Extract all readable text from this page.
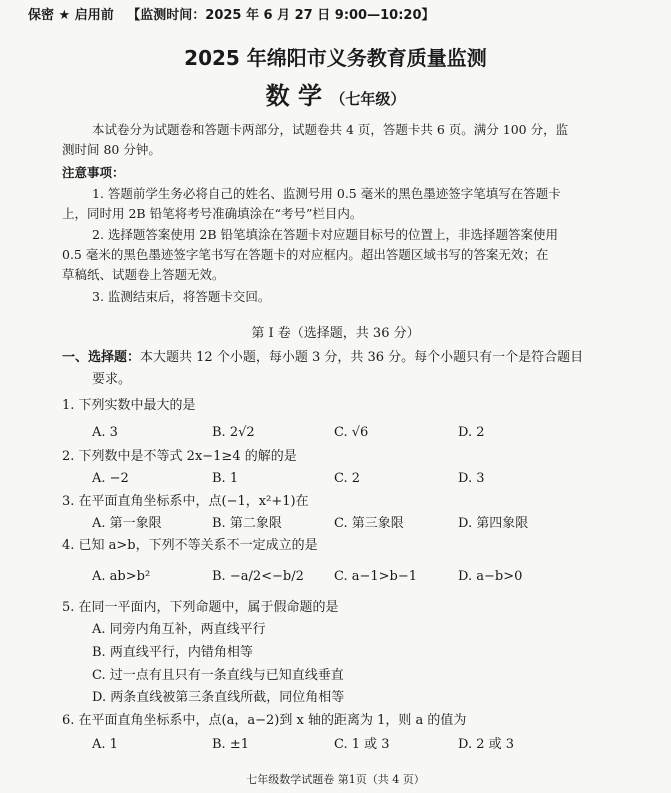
保密 ★ 启用前 【监测时间：2025 年 6 月 27 日 9:00—10:20】
2025 年绵阳市义务教育质量监测
数 学 （七年级）
本试卷分为试题卷和答题卡两部分，试题卷共 4 页，答题卡共 6 页。满分 100 分，监
测时间 80 分钟。
注意事项：
1. 答题前学生务必将自己的姓名、监测号用 0.5 毫米的黑色墨迹签字笔填写在答题卡
上，同时用 2B 铅笔将考号准确填涂在“考号”栏目内。
2. 选择题答案使用 2B 铅笔填涂在答题卡对应题目标号的位置上，非选择题答案使用
0.5 毫米的黑色墨迹签字笔书写在答题卡的对应框内。超出答题区域书写的答案无效；在
草稿纸、试题卷上答题无效。
3. 监测结束后，将答题卡交回。
第 I 卷（选择题，共 36 分）
一、选择题：本大题共 12 个小题，每小题 3 分，共 36 分。每个小题只有一个是符合题目
要求。
1. 下列实数中最大的是
A. 3	B. 2√2	C. √6	D. 2
2. 下列数中是不等式 2x−1≥4 的解的是
A. −2	B. 1	C. 2	D. 3
3. 在平面直角坐标系中，点(−1，x²+1)在
A. 第一象限	B. 第二象限	C. 第三象限	D. 第四象限
4. 已知 a>b，下列不等关系不一定成立的是
A. ab>b²	B. −a/2<−b/2 C. a−1>b−1	D. a−b>0
5. 在同一平面内，下列命题中，属于假命题的是
A. 同旁内角互补，两直线平行
B. 两直线平行，内错角相等
C. 过一点有且只有一条直线与已知直线垂直
D. 两条直线被第三条直线所截，同位角相等
6. 在平面直角坐标系中，点(a，a−2)到 x 轴的距离为 1，则 a 的值为
A. 1	B. ±1	C. 1 或 3	D. 2 或 3
七年级数学试题卷 第1页（共 4 页）
